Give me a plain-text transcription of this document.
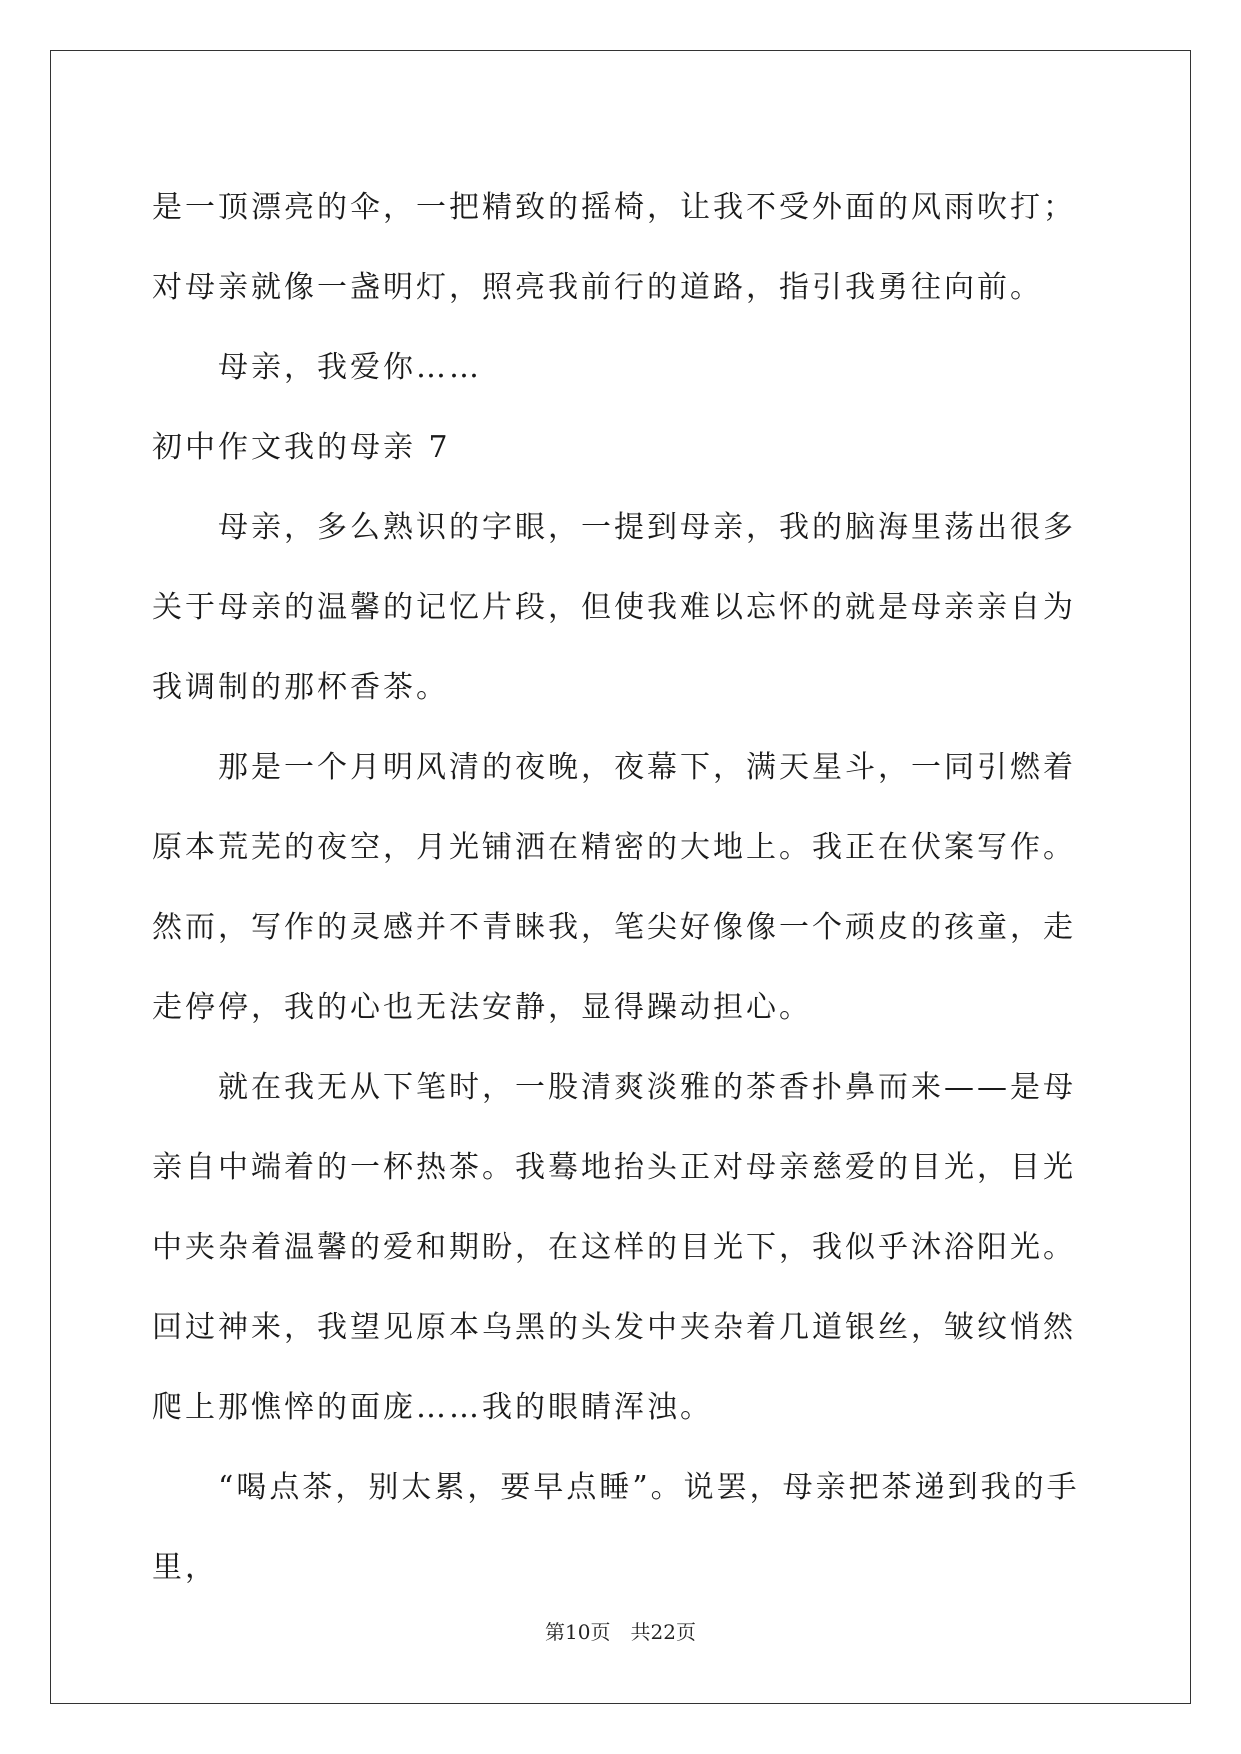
是一顶漂亮的伞，一把精致的摇椅，让我不受外面的风雨吹打；对母亲就像一盏明灯，照亮我前行的道路，指引我勇往向前。

母亲，我爱你……

初中作文我的母亲 7

母亲，多么熟识的字眼，一提到母亲，我的脑海里荡出很多关于母亲的温馨的记忆片段，但使我难以忘怀的就是母亲亲自为我调制的那杯香茶。

那是一个月明风清的夜晚，夜幕下，满天星斗，一同引燃着原本荒芜的夜空，月光铺洒在精密的大地上。我正在伏案写作。然而，写作的灵感并不青睐我，笔尖好像像一个顽皮的孩童，走走停停，我的心也无法安静，显得躁动担心。

就在我无从下笔时，一股清爽淡雅的茶香扑鼻而来——是母亲自中端着的一杯热茶。我蓦地抬头正对母亲慈爱的目光，目光中夹杂着温馨的爱和期盼，在这样的目光下，我似乎沐浴阳光。回过神来，我望见原本乌黑的头发中夹杂着几道银丝，皱纹悄然爬上那憔悴的面庞……我的眼睛浑浊。

“喝点茶，别太累，要早点睡”。说罢，母亲把茶递到我的手里，

第10页　共22页
